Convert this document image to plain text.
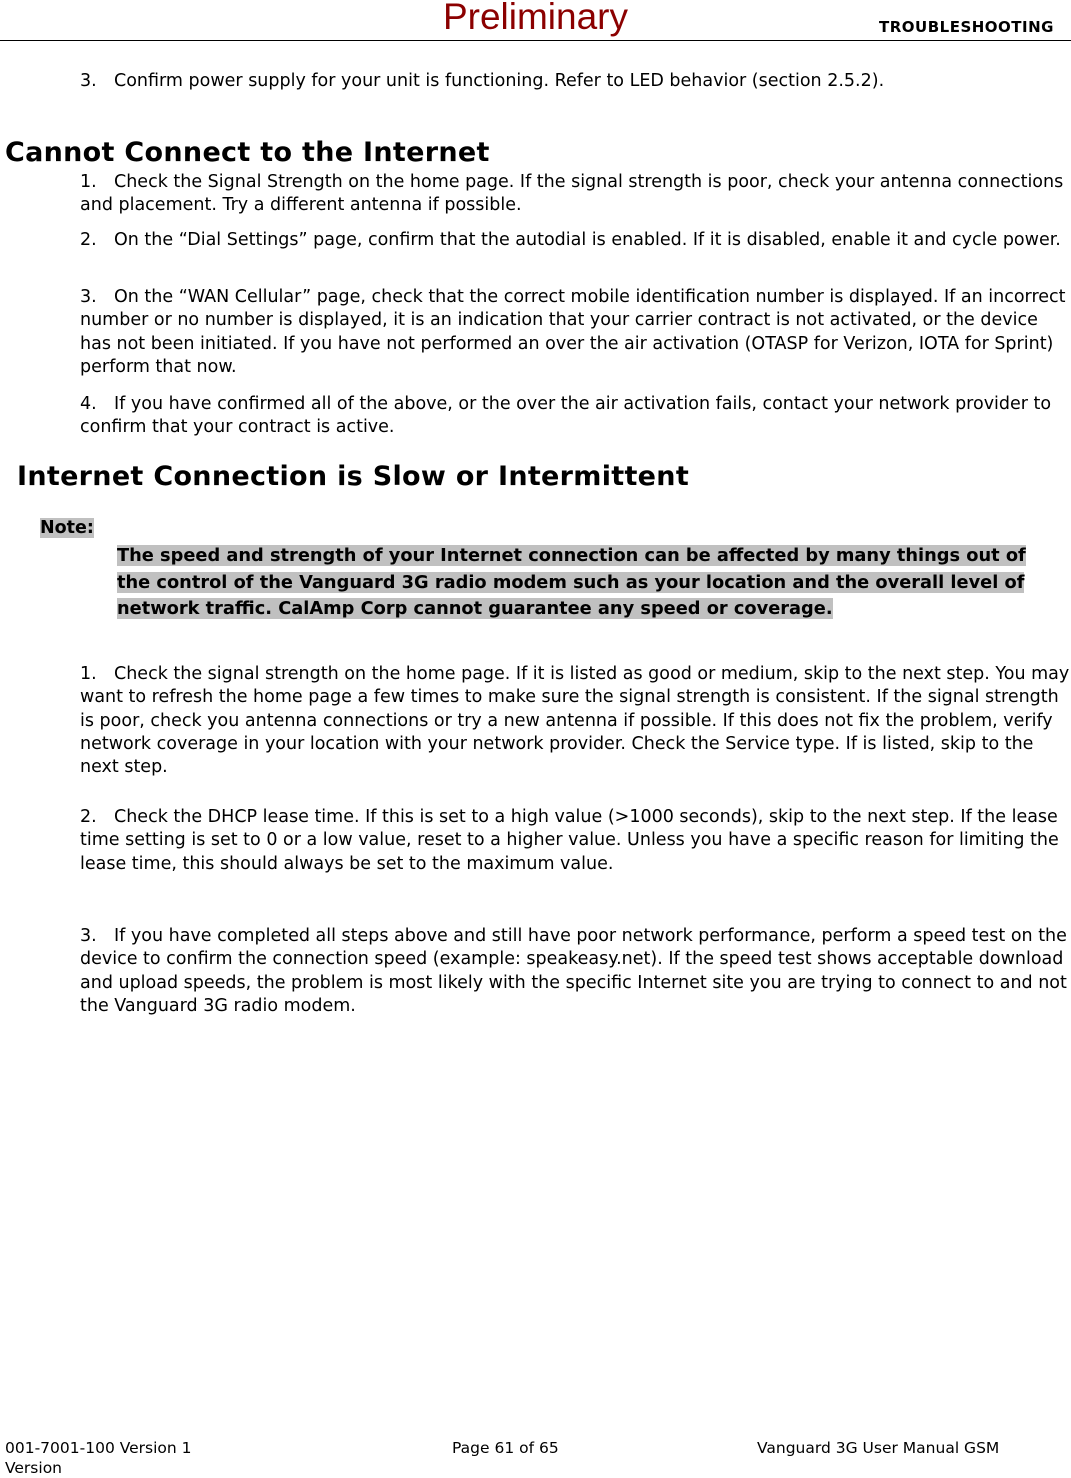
Preliminary	TROUBLESHOOTING
3. Confirm power supply for your unit is functioning. Refer to LED behavior (section 2.5.2).
Cannot Connect to the Internet
1. Check the Signal Strength on the home page. If the signal strength is poor, check your antenna connections and placement. Try a different antenna if possible.
2. On the “Dial Settings” page, confirm that the autodial is enabled. If it is disabled, enable it and cycle power.
3. On the “WAN Cellular” page, check that the correct mobile identification number is displayed. If an incorrect number or no number is displayed, it is an indication that your carrier contract is not activated, or the device has not been initiated. If you have not performed an over the air activation (OTASP for Verizon, IOTA for Sprint) perform that now.
4. If you have confirmed all of the above, or the over the air activation fails, contact your network provider to confirm that your contract is active.
Internet Connection is Slow or Intermittent
Note:
The speed and strength of your Internet connection can be affected by many things out of the control of the Vanguard 3G radio modem such as your location and the overall level of network traffic. CalAmp Corp cannot guarantee any speed or coverage.
1. Check the signal strength on the home page. If it is listed as good or medium, skip to the next step. You may want to refresh the home page a few times to make sure the signal strength is consistent. If the signal strength is poor, check you antenna connections or try a new antenna if possible. If this does not fix the problem, verify network coverage in your location with your network provider. Check the Service type. If is listed, skip to the next step.
2. Check the DHCP lease time. If this is set to a high value (>1000 seconds), skip to the next step. If the lease time setting is set to 0 or a low value, reset to a higher value. Unless you have a specific reason for limiting the lease time, this should always be set to the maximum value.
3. If you have completed all steps above and still have poor network performance, perform a speed test on the device to confirm the connection speed (example: speakeasy.net). If the speed test shows acceptable download and upload speeds, the problem is most likely with the specific Internet site you are trying to connect to and not the Vanguard 3G radio modem.
001-7001-100 Version 1	Page 61 of 65	Vanguard 3G User Manual GSM
Version
